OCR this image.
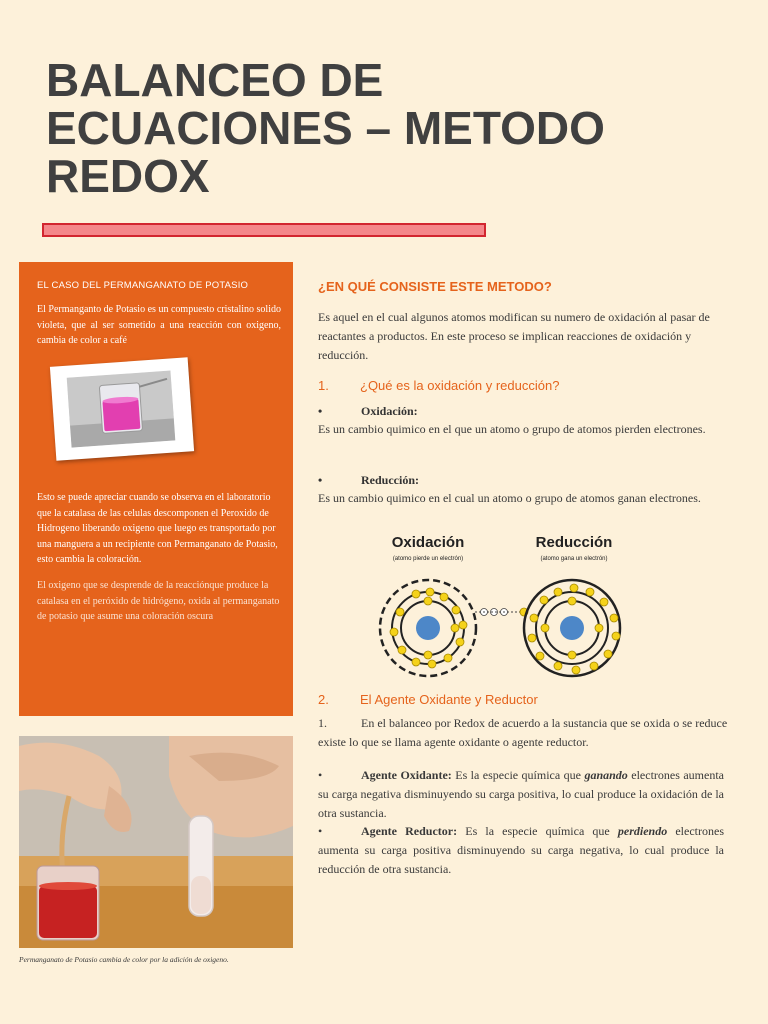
BALANCEO DE
ECUACIONES – METODO
REDOX
EL CASO DEL PERMANGANATO DE POTASIO

El Permanganto de Potasio es un compuesto cristalino solido violeta, que al ser sometido a una reacción con oxigeno, cambia de color a café

Esto se puede apreciar cuando se observa en el laboratorio que la catalasa de las celulas descomponen el Peroxido de Hidrogeno liberando oxigeno que luego es transportado por una manguera a un recipiente con Permanganato de Potasio, esto cambia la coloración.

El oxigeno que se desprende de la reacciónque produce la catalasa en el peróxido de hidrógeno, oxida al permanganato de potasio que asume una coloración oscura

Permanganato de Potasio cambia de color por la adición de oxigeno.
¿EN QUÉ CONSISTE ESTE METODO?

Es aquel en el cual algunos atomos modifican su numero de oxidación al pasar de reactantes a productos. En este proceso se implican reacciones de oxidación y reducción.

1. ¿Qué es la oxidación y reducción?
•	Oxidación:

Es un cambio quimico en el que un atomo o grupo de atomos pierden electrones.

•	Reducción:

Es un cambio quimico en el cual un atomo o grupo de atomos ganan electrones.

Oxidación
(atomo pierde un electrón)
Reducción
(atomo gana un electrón)
2. El Agente Oxidante y Reductor

1.	En el balanceo por Redox de acuerdo a la sustancia que se oxida o se reduce existe lo que se llama agente oxidante o agente reductor.

•	Agente Oxidante: Es la especie química que ganando electrones aumenta su carga negativa disminuyendo su carga positiva, lo cual produce la oxidación de la otra sustancia.

•	Agente Reductor: Es la especie química que perdiendo electrones aumenta su carga positiva disminuyendo su carga negativa, lo cual produce la reducción de otra sustancia.
